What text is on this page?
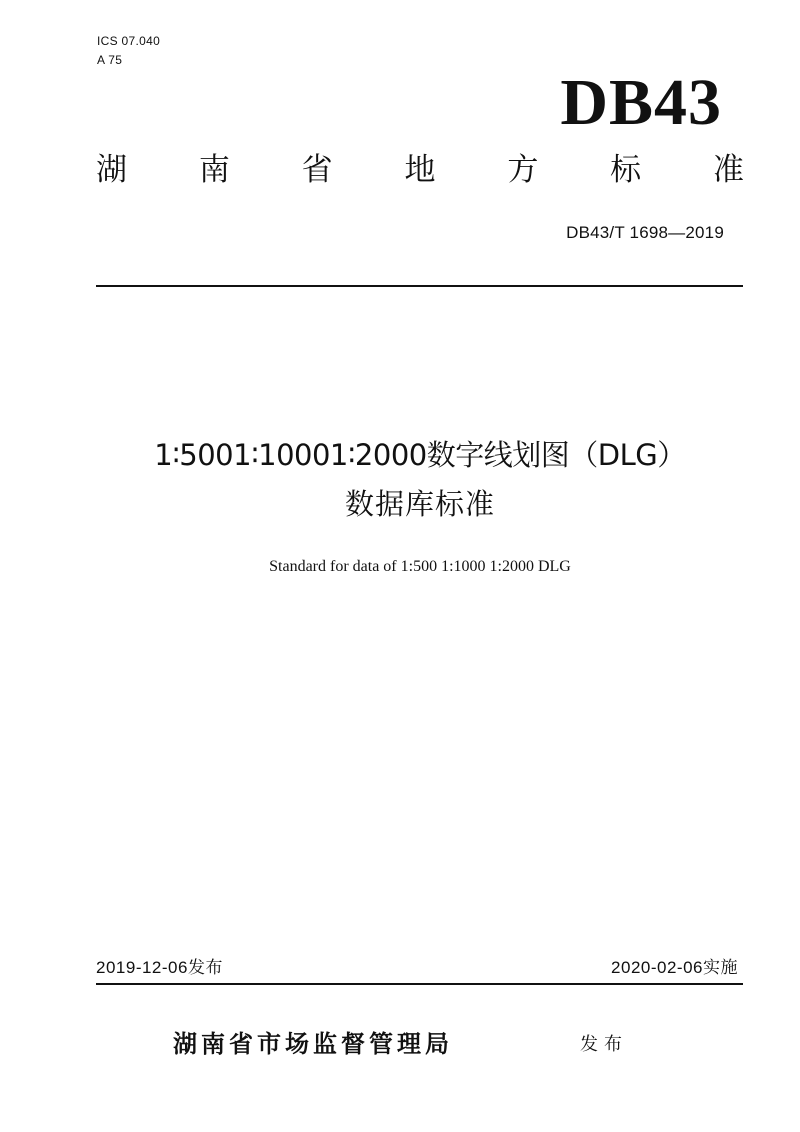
ICS 07.040
A 75
DB43
湖 南 省 地 方 标 准
DB43/T 1698—2019
1∶5001∶10001∶2000数字线划图（DLG）
数据库标准
Standard for data of 1:500 1:1000 1:2000 DLG
2019-12-06发布	2020-02-06实施
湖南省市场监督管理局	发布
